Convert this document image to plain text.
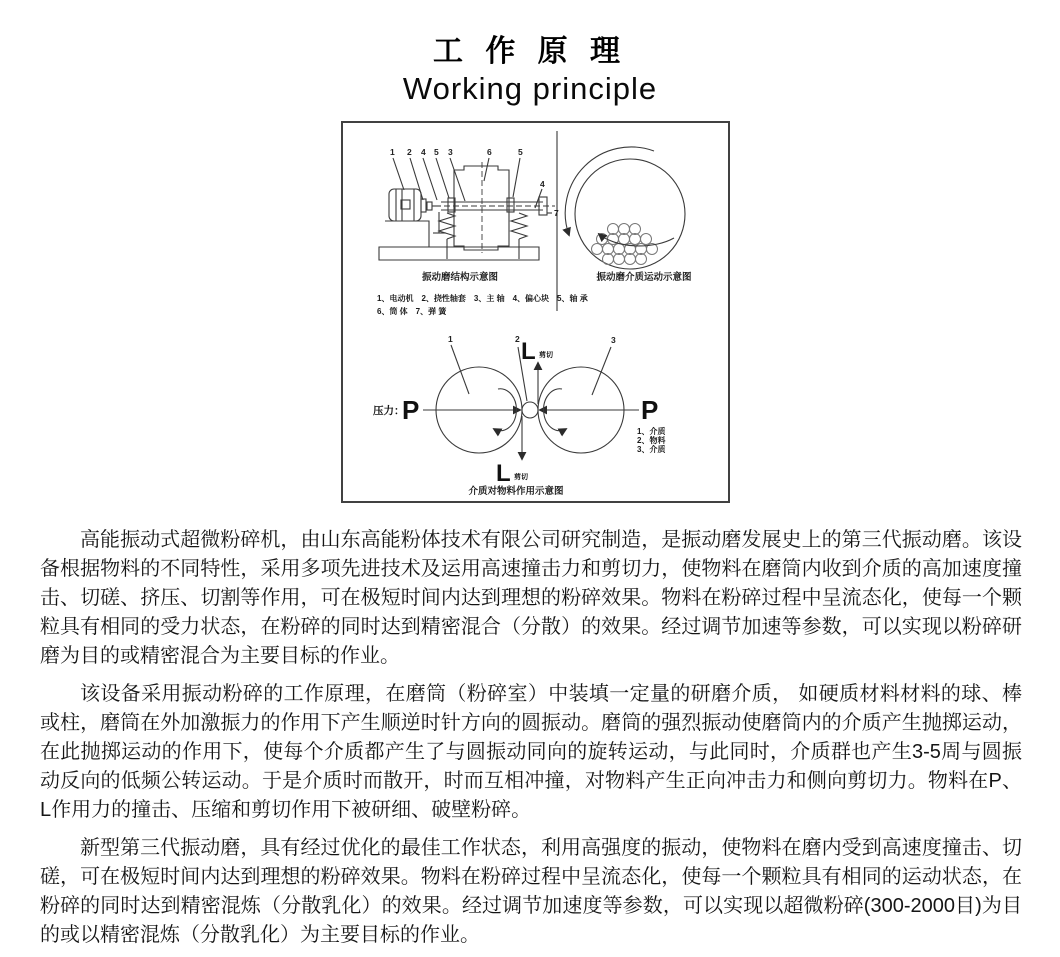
工 作 原 理
Working principle
1 2 4 5 3	6	5
4
7
振动磨结构示意图
1、电动机　2、挠性轴套　3、主 轴　4、偏心块　5、轴 承
6、筒 体　7、弹 簧
振动磨介质运动示意图
压力：
P	P
L 剪切
L 剪切
1	2	3
1、介质
2、物料
3、介质
介质对物料作用示意图

高能振动式超微粉碎机，由山东高能粉体技术有限公司研究制造，是振动磨发展史上的第三代振动磨。该设备根据物料的不同特性，采用多项先进技术及运用高速撞击力和剪切力，使物料在磨筒内收到介质的高加速度撞击、切磋、挤压、切割等作用，可在极短时间内达到理想的粉碎效果。物料在粉碎过程中呈流态化，使每一个颗粒具有相同的受力状态，在粉碎的同时达到精密混合（分散）的效果。经过调节加速等参数，可以实现以粉碎研磨为目的或精密混合为主要目标的作业。

该设备采用振动粉碎的工作原理，在磨筒（粉碎室）中装填一定量的研磨介质， 如硬质材料材料的球、棒或柱，磨筒在外加激振力的作用下产生顺逆时针方向的圆振动。磨筒的强烈振动使磨筒内的介质产生抛掷运动，在此抛掷运动的作用下，使每个介质都产生了与圆振动同向的旋转运动，与此同时，介质群也产生3-5周与圆振动反向的低频公转运动。于是介质时而散开，时而互相冲撞，对物料产生正向冲击力和侧向剪切力。物料在P、L作用力的撞击、压缩和剪切作用下被研细、破壁粉碎。

新型第三代振动磨，具有经过优化的最佳工作状态，利用高强度的振动，使物料在磨内受到高速度撞击、切磋，可在极短时间内达到理想的粉碎效果。物料在粉碎过程中呈流态化，使每一个颗粒具有相同的运动状态，在粉碎的同时达到精密混炼（分散乳化）的效果。经过调节加速度等参数，可以实现以超微粉碎(300-2000目)为目的或以精密混炼（分散乳化）为主要目标的作业。
